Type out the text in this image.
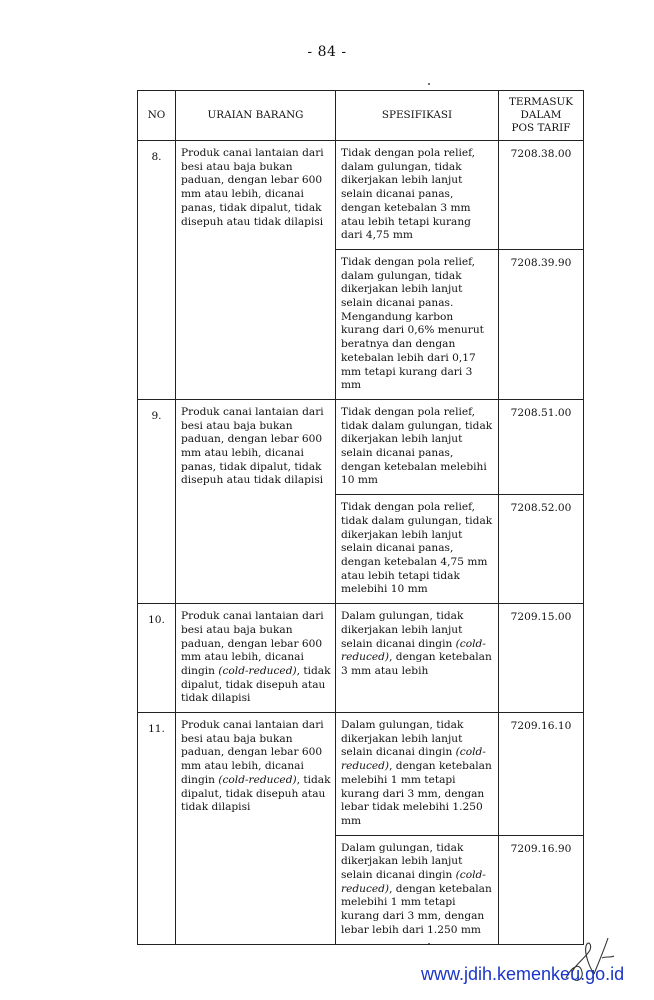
- 84 -
NO	URAIAN BARANG	SPESIFIKASI	TERMASUK
DALAM
POS TARIF

8.	Produk canai lantaian dari besi atau baja bukan paduan, dengan lebar 600 mm atau lebih, dicanai panas, tidak dipalut, tidak disepuh atau tidak dilapisi	Tidak dengan pola relief, dalam gulungan, tidak dikerjakan lebih lanjut selain dicanai panas, dengan ketebalan 3 mm atau lebih tetapi kurang dari 4,75 mm	7208.38.00
		Tidak dengan pola relief, dalam gulungan, tidak dikerjakan lebih lanjut selain dicanai panas. Mengandung karbon kurang dari 0,6% menurut beratnya dan dengan ketebalan lebih dari 0,17 mm tetapi kurang dari 3 mm	7208.39.90
9.	Produk canai lantaian dari besi atau baja bukan paduan, dengan lebar 600 mm atau lebih, dicanai panas, tidak dipalut, tidak disepuh atau tidak dilapisi	Tidak dengan pola relief, tidak dalam gulungan, tidak dikerjakan lebih lanjut selain dicanai panas, dengan ketebalan melebihi 10 mm	7208.51.00
		Tidak dengan pola relief, tidak dalam gulungan, tidak dikerjakan lebih lanjut selain dicanai panas, dengan ketebalan 4,75 mm atau lebih tetapi tidak melebihi 10 mm	7208.52.00
10.	Produk canai lantaian dari besi atau baja bukan paduan, dengan lebar 600 mm atau lebih, dicanai dingin (cold-reduced), tidak dipalut, tidak disepuh atau tidak dilapisi	Dalam gulungan, tidak dikerjakan lebih lanjut selain dicanai dingin (cold-reduced), dengan ketebalan 3 mm atau lebih	7209.15.00
11.	Produk canai lantaian dari besi atau baja bukan paduan, dengan lebar 600 mm atau lebih, dicanai dingin (cold-reduced), tidak dipalut, tidak disepuh atau tidak dilapisi	Dalam gulungan, tidak dikerjakan lebih lanjut selain dicanai dingin (cold-reduced), dengan ketebalan melebihi 1 mm tetapi kurang dari 3 mm, dengan lebar tidak melebihi 1.250 mm	7209.16.10
		Dalam gulungan, tidak dikerjakan lebih lanjut selain dicanai dingin (cold-reduced), dengan ketebalan melebihi 1 mm tetapi kurang dari 3 mm, dengan lebar lebih dari 1.250 mm	7209.16.90
www.jdih.kemenkeu.go.id
